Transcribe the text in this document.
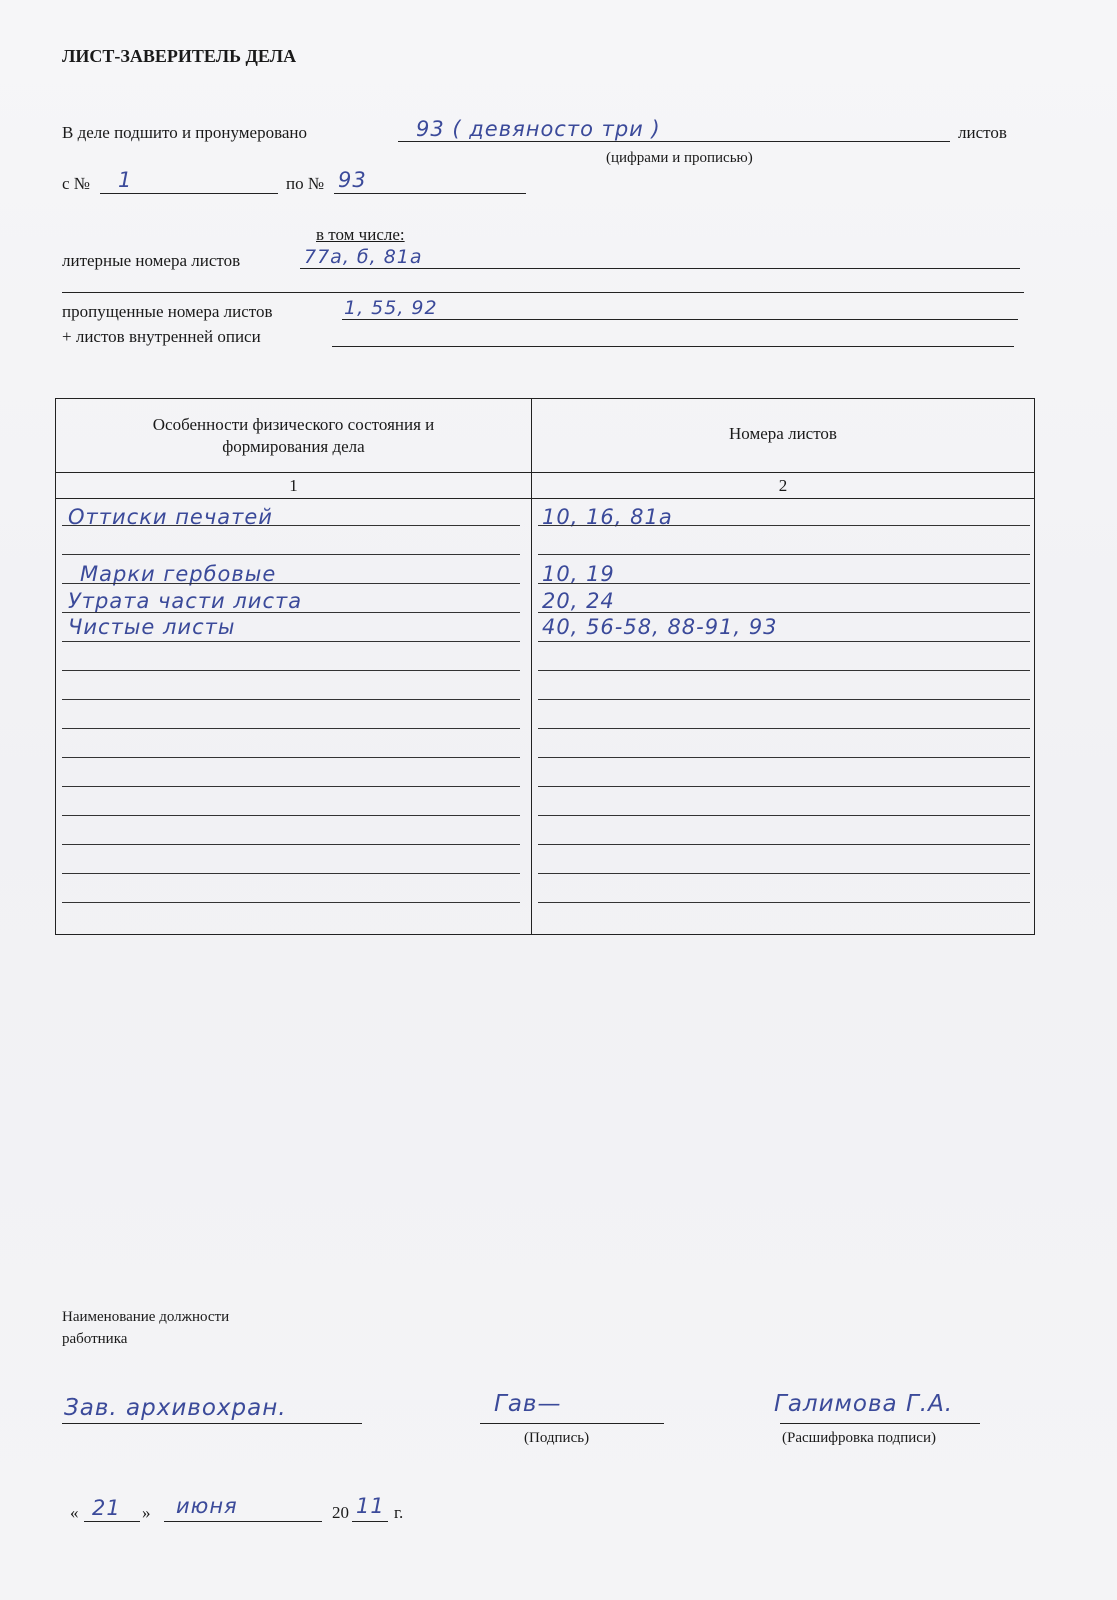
ЛИСТ-ЗАВЕРИТЕЛЬ ДЕЛА
В деле подшито и пронумеровано	93 ( девяносто три )	листов
(цифрами и прописью)
с № 1	по № 93
в том числе:
литерные номера листов	77а, б, 81а
пропущенные номера листов	1, 55, 92
+ листов внутренней описи
Особенности физического состояния и формирования дела
Номера листов
1	2
Оттиски печатей	10, 16, 81а
Марки гербовые	10, 19
Утрата части листа	20, 24
Чистые листы	40, 56-58, 88-91, 93
Наименование должности работника
Зав. архивохран.	Гав—
(Подпись)
Галимова Г.А.
(Расшифровка подписи)
« 21 » июня	20 11 г.
